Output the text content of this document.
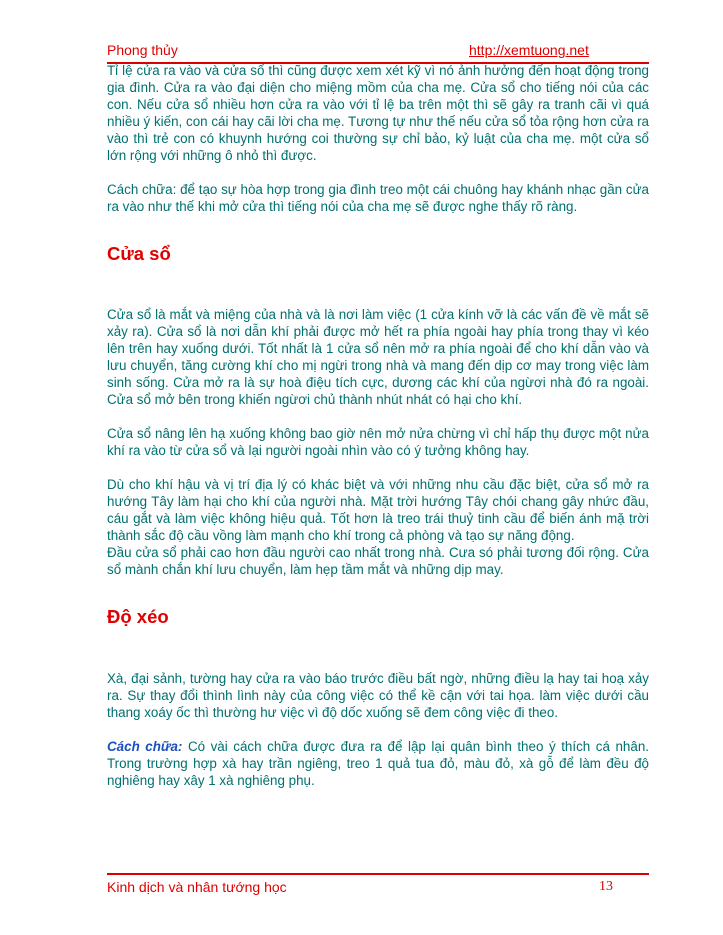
Phong thủy	http://xemtuong.net

Tỉ lệ cửa ra vào và cửa sổ thì cũng được xem xét kỹ vì nó ảnh hưởng đến hoạt động trong gia đình. Cửa ra vào đại diện cho miệng mồm của cha mẹ. Cửa sổ cho tiếng nói của các con. Nếu cửa sổ nhiều hơn cửa ra vào với tỉ lệ ba trên một thì sẽ gây ra tranh cãi vì quá nhiều ý kiến, con cái hay cãi lời cha mẹ. Tương tự như thế nếu cửa sổ tỏa rộng hơn cửa ra vào thì trẻ con có khuynh hướng coi thường sự chỉ bảo, kỷ luật của cha mẹ. một cửa sổ lớn rộng với những ô nhỏ thì được.

Cách chữa: để tạo sự hòa hợp trong gia đình treo một cái chuông hay khánh nhạc gần cửa ra vào như thế khi mở cửa thì tiếng nói của cha mẹ sẽ được nghe thấy rõ ràng.

Cửa sổ

Cửa sổ là mắt và miệng của nhà và là nơi làm việc (1 cửa kính vỡ là các vấn đề về mắt sẽ xảy ra). Cửa sổ là nơi dẫn khí phải được mở hết ra phía ngoài hay phía trong thay vì kéo lên trên hay xuống dưới. Tốt nhất là 1 cửa sổ nên mở ra phía ngoài để cho khí dẫn vào và lưu chuyển, tăng cường khí cho mị ngừi trong nhà và mang đến dịp cơ may trong việc làm sinh sống. Cửa mở ra là sự hoà điệu tích cực, dương các khí của ngừơi nhà đó ra ngoài. Cửa sổ mở bên trong khiến ngừơi chủ thành nhút nhát có hại cho khí.

Cửa sổ nâng lên hạ xuống không bao giờ nên mở nửa chừng vì chỉ hấp thụ được một nửa khí ra vào từ cửa sổ và lại người ngoài nhìn vào có ý tưởng không hay.

Dù cho khí hậu và vị trí địa lý có khác biệt và với những nhu cầu đặc biệt, cửa sổ mở ra hướng Tây làm hại cho khí của người nhà. Mặt trời hướng Tây chói chang gây nhức đầu, cáu gắt và làm việc không hiệu quả. Tốt hơn là treo trái thuỷ tinh cầu để biến ánh mặ trời thành sắc độ cầu vồng làm mạnh cho khí trong cả phòng và tạo sự năng động.

Đầu cửa sổ phải cao hơn đầu người cao nhất trong nhà. Cưa só phải tương đối rộng. Cửa sổ mành chắn khí lưu chuyển, làm hẹp tầm mắt và những dịp may.

Độ xéo

Xà, đại sảnh, tường hay cửa ra vào báo trước điều bất ngờ, những điều lạ hay tai hoạ xảy ra. Sự thay đổi thình lình này của công việc có thể kề cận với tai họa. làm việc dưới cầu thang xoáy ốc thì thường hư việc vì độ dốc xuống sẽ đem công việc đi theo.

Cách chữa: Có vài cách chữa được đưa ra để lập lại quân bình theo ý thích cá nhân. Trong trường hợp xà hay trần ngiêng, treo 1 quả tua đỏ, màu đỏ, xà gỗ để làm đều độ nghiêng hay xây 1 xà nghiêng phụ.

Kinh dịch và nhân tướng học	13
